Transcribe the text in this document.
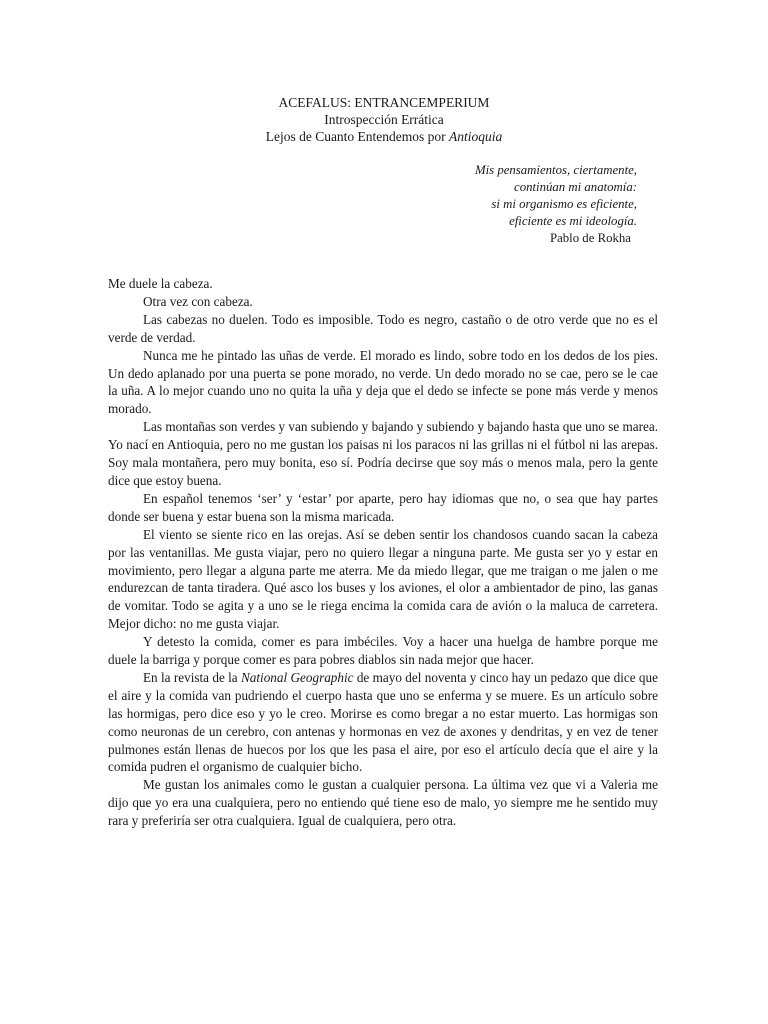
ACEFALUS: ENTRANCEMPERIUM
Introspección Errática
Lejos de Cuanto Entendemos por Antioquia
Mis pensamientos, ciertamente,
continúan mi anatomía:
si mi organismo es eficiente,
eficiente es mi ideología.
Pablo de Rokha

Me duele la cabeza.

Otra vez con cabeza.

Las cabezas no duelen. Todo es imposible. Todo es negro, castaño o de otro verde que no es el verde de verdad.

Nunca me he pintado las uñas de verde. El morado es lindo, sobre todo en los dedos de los pies. Un dedo aplanado por una puerta se pone morado, no verde. Un dedo morado no se cae, pero se le cae la uña. A lo mejor cuando uno no quita la uña y deja que el dedo se infecte se pone más verde y menos morado.

Las montañas son verdes y van subiendo y bajando y subiendo y bajando hasta que uno se marea. Yo nací en Antioquia, pero no me gustan los paisas ni los paracos ni las grillas ni el fútbol ni las arepas. Soy mala montañera, pero muy bonita, eso sí. Podría decirse que soy más o menos mala, pero la gente dice que estoy buena.

En español tenemos ‘ser’ y ‘estar’ por aparte, pero hay idiomas que no, o sea que hay partes donde ser buena y estar buena son la misma maricada.

El viento se siente rico en las orejas. Así se deben sentir los chandosos cuando sacan la cabeza por las ventanillas. Me gusta viajar, pero no quiero llegar a ninguna parte. Me gusta ser yo y estar en movimiento, pero llegar a alguna parte me aterra. Me da miedo llegar, que me traigan o me jalen o me endurezcan de tanta tiradera. Qué asco los buses y los aviones, el olor a ambientador de pino, las ganas de vomitar. Todo se agita y a uno se le riega encima la comida cara de avión o la maluca de carretera. Mejor dicho: no me gusta viajar.

Y detesto la comida, comer es para imbéciles. Voy a hacer una huelga de hambre porque me duele la barriga y porque comer es para pobres diablos sin nada mejor que hacer.

En la revista de la National Geographic de mayo del noventa y cinco hay un pedazo que dice que el aire y la comida van pudriendo el cuerpo hasta que uno se enferma y se muere. Es un artículo sobre las hormigas, pero dice eso y yo le creo. Morirse es como bregar a no estar muerto. Las hormigas son como neuronas de un cerebro, con antenas y hormonas en vez de axones y dendritas, y en vez de tener pulmones están llenas de huecos por los que les pasa el aire, por eso el artículo decía que el aire y la comida pudren el organismo de cualquier bicho.

Me gustan los animales como le gustan a cualquier persona. La última vez que vi a Valeria me dijo que yo era una cualquiera, pero no entiendo qué tiene eso de malo, yo siempre me he sentido muy rara y preferiría ser otra cualquiera. Igual de cualquiera, pero otra.
